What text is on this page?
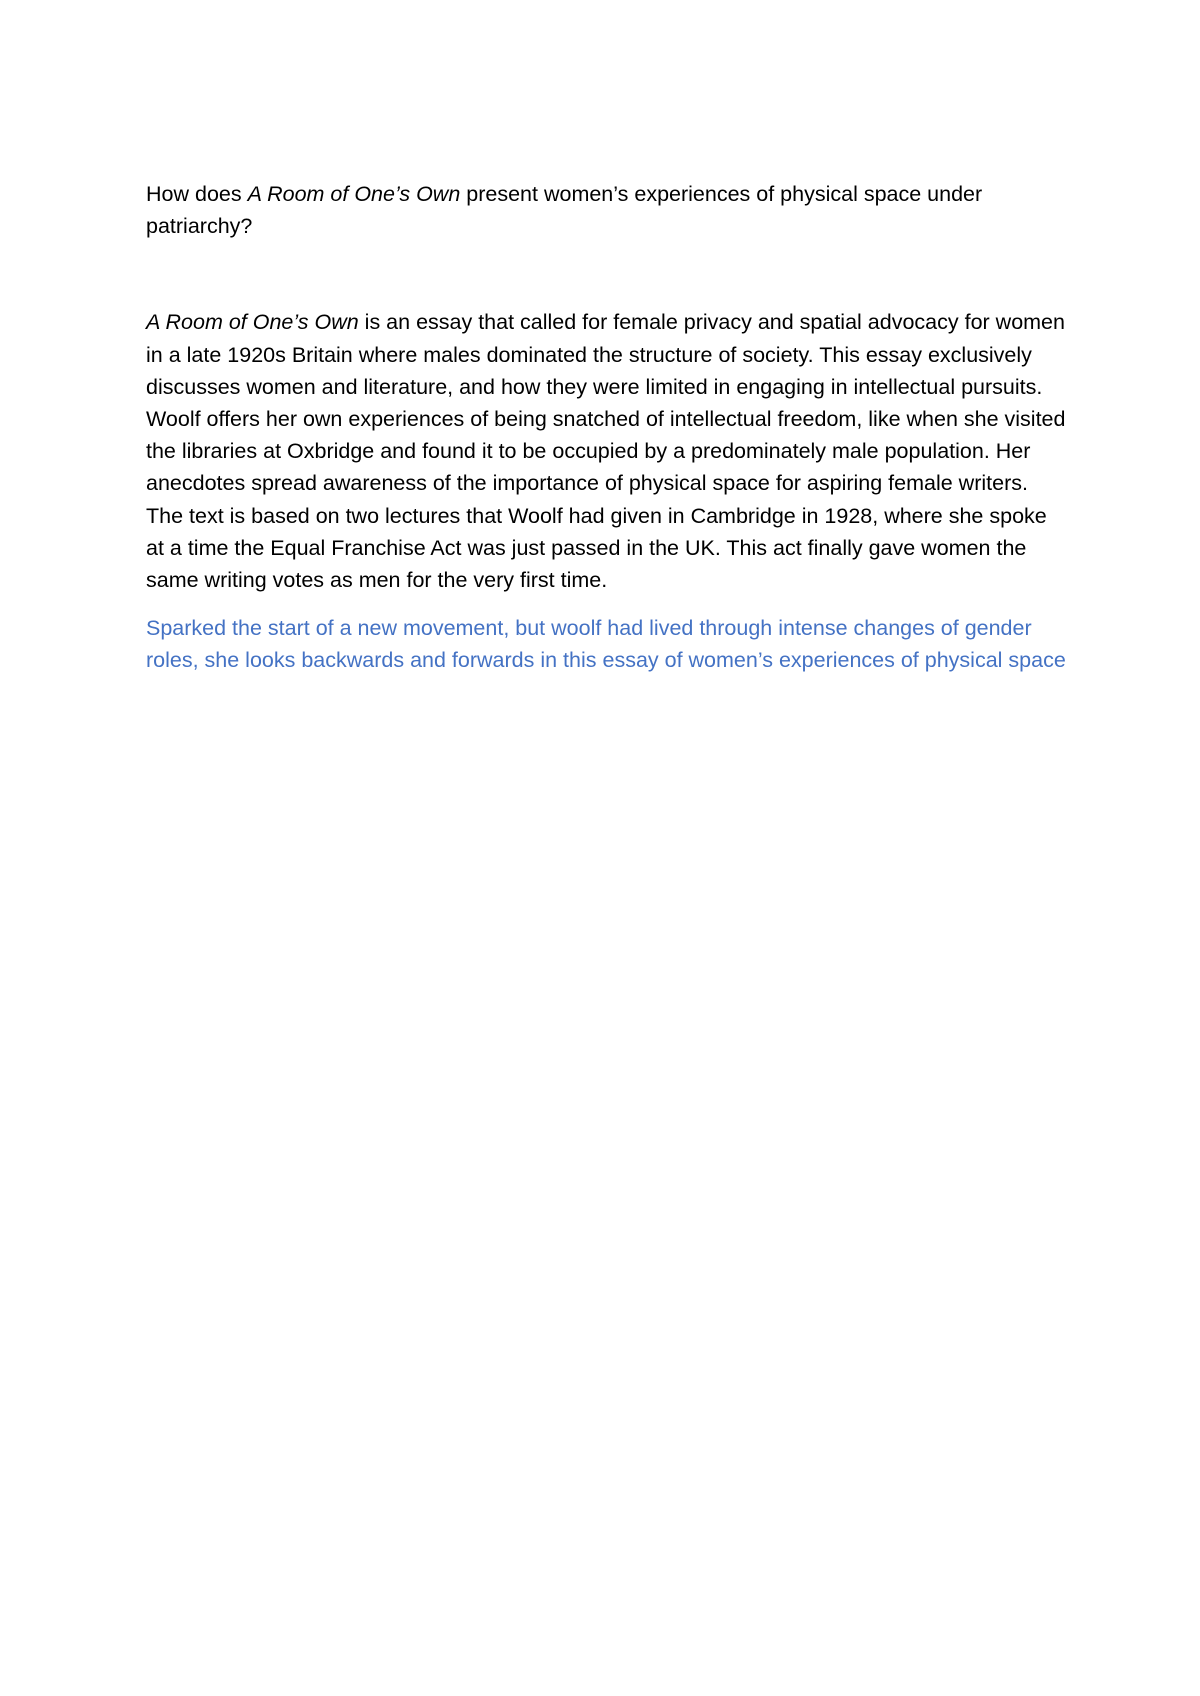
How does A Room of One’s Own present women’s experiences of physical space under patriarchy?

A Room of One’s Own is an essay that called for female privacy and spatial advocacy for women in a late 1920s Britain where males dominated the structure of society. This essay exclusively discusses women and literature, and how they were limited in engaging in intellectual pursuits. Woolf offers her own experiences of being snatched of intellectual freedom, like when she visited the libraries at Oxbridge and found it to be occupied by a predominately male population. Her anecdotes spread awareness of the importance of physical space for aspiring female writers. The text is based on two lectures that Woolf had given in Cambridge in 1928, where she spoke at a time the Equal Franchise Act was just passed in the UK. This act finally gave women the same writing votes as men for the very first time.

Sparked the start of a new movement, but woolf had lived through intense changes of gender roles, she looks backwards and forwards in this essay of women’s experiences of physical space
